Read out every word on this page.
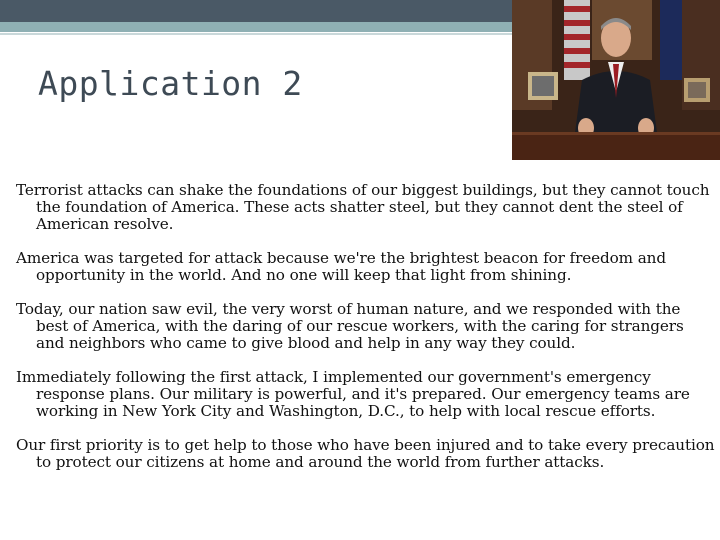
Application 2

Terrorist attacks can shake the foundations of our biggest buildings, but they cannot touch the foundation of America. These acts shatter steel, but they cannot dent the steel of American resolve.

America was targeted for attack because we're the brightest beacon for freedom and opportunity in the world. And no one will keep that light from shining.

Today, our nation saw evil, the very worst of human nature, and we responded with the best of America, with the daring of our rescue workers, with the caring for strangers and neighbors who came to give blood and help in any way they could.

Immediately following the first attack, I implemented our government's emergency response plans. Our military is powerful, and it's prepared. Our emergency teams are working in New York City and Washington, D.C., to help with local rescue efforts.

Our first priority is to get help to those who have been injured and to take every precaution to protect our citizens at home and around the world from further attacks.
